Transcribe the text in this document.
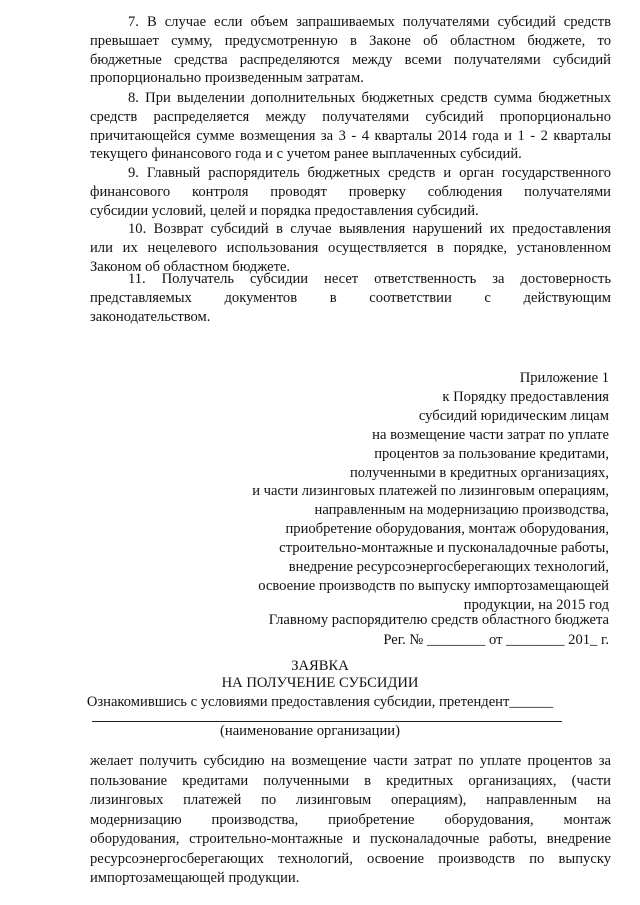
7. В случае если объем запрашиваемых получателями субсидий средств
превышает сумму, предусмотренную в Законе об областном бюджете, то
бюджетные средства распределяются между всеми получателями субсидий
пропорционально произведенным затратам.
8. При выделении дополнительных бюджетных средств сумма бюджетных
средств распределяется между получателями субсидий пропорционально
причитающейся сумме возмещения за 3 - 4 кварталы 2014 года и 1 - 2 кварталы
текущего финансового года и с учетом ранее выплаченных субсидий.
9. Главный распорядитель бюджетных средств и орган государственного
финансового контроля проводят проверку соблюдения получателями
субсидии условий, целей и порядка предоставления субсидий.
10. Возврат субсидий в случае выявления нарушений их предоставления
или их нецелевого использования осуществляется в порядке, установленном
Законом об областном бюджете.
11. Получатель субсидии несет ответственность за достоверность
представляемых документов в соответствии с действующим
законодательством.
Приложение 1
к Порядку предоставления
субсидий юридическим лицам
на возмещение части затрат по уплате
процентов за пользование кредитами,
полученными в кредитных организациях,
и части лизинговых платежей по лизинговым операциям,
направленным на модернизацию производства,
приобретение оборудования, монтаж оборудования,
строительно-монтажные и пусконаладочные работы,
внедрение ресурсоэнергосберегающих технологий,
освоение производств по выпуску импортозамещающей
продукции, на 2015 год
Главному распорядителю средств областного бюджета
Рег. № ________ от ________ 201_ г.
ЗАЯВКА
НА ПОЛУЧЕНИЕ СУБСИДИИ
Ознакомившись с условиями предоставления субсидии, претендент______
(наименование организации)
желает получить субсидию на возмещение части затрат по уплате процентов за
пользование кредитами полученными в кредитных организациях, (части
лизинговых платежей по лизинговым операциям), направленным на
модернизацию производства, приобретение оборудования, монтаж
оборудования, строительно-монтажные и пусконаладочные работы, внедрение
ресурсоэнергосберегающих технологий, освоение производств по выпуску
импортозамещающей продукции.
